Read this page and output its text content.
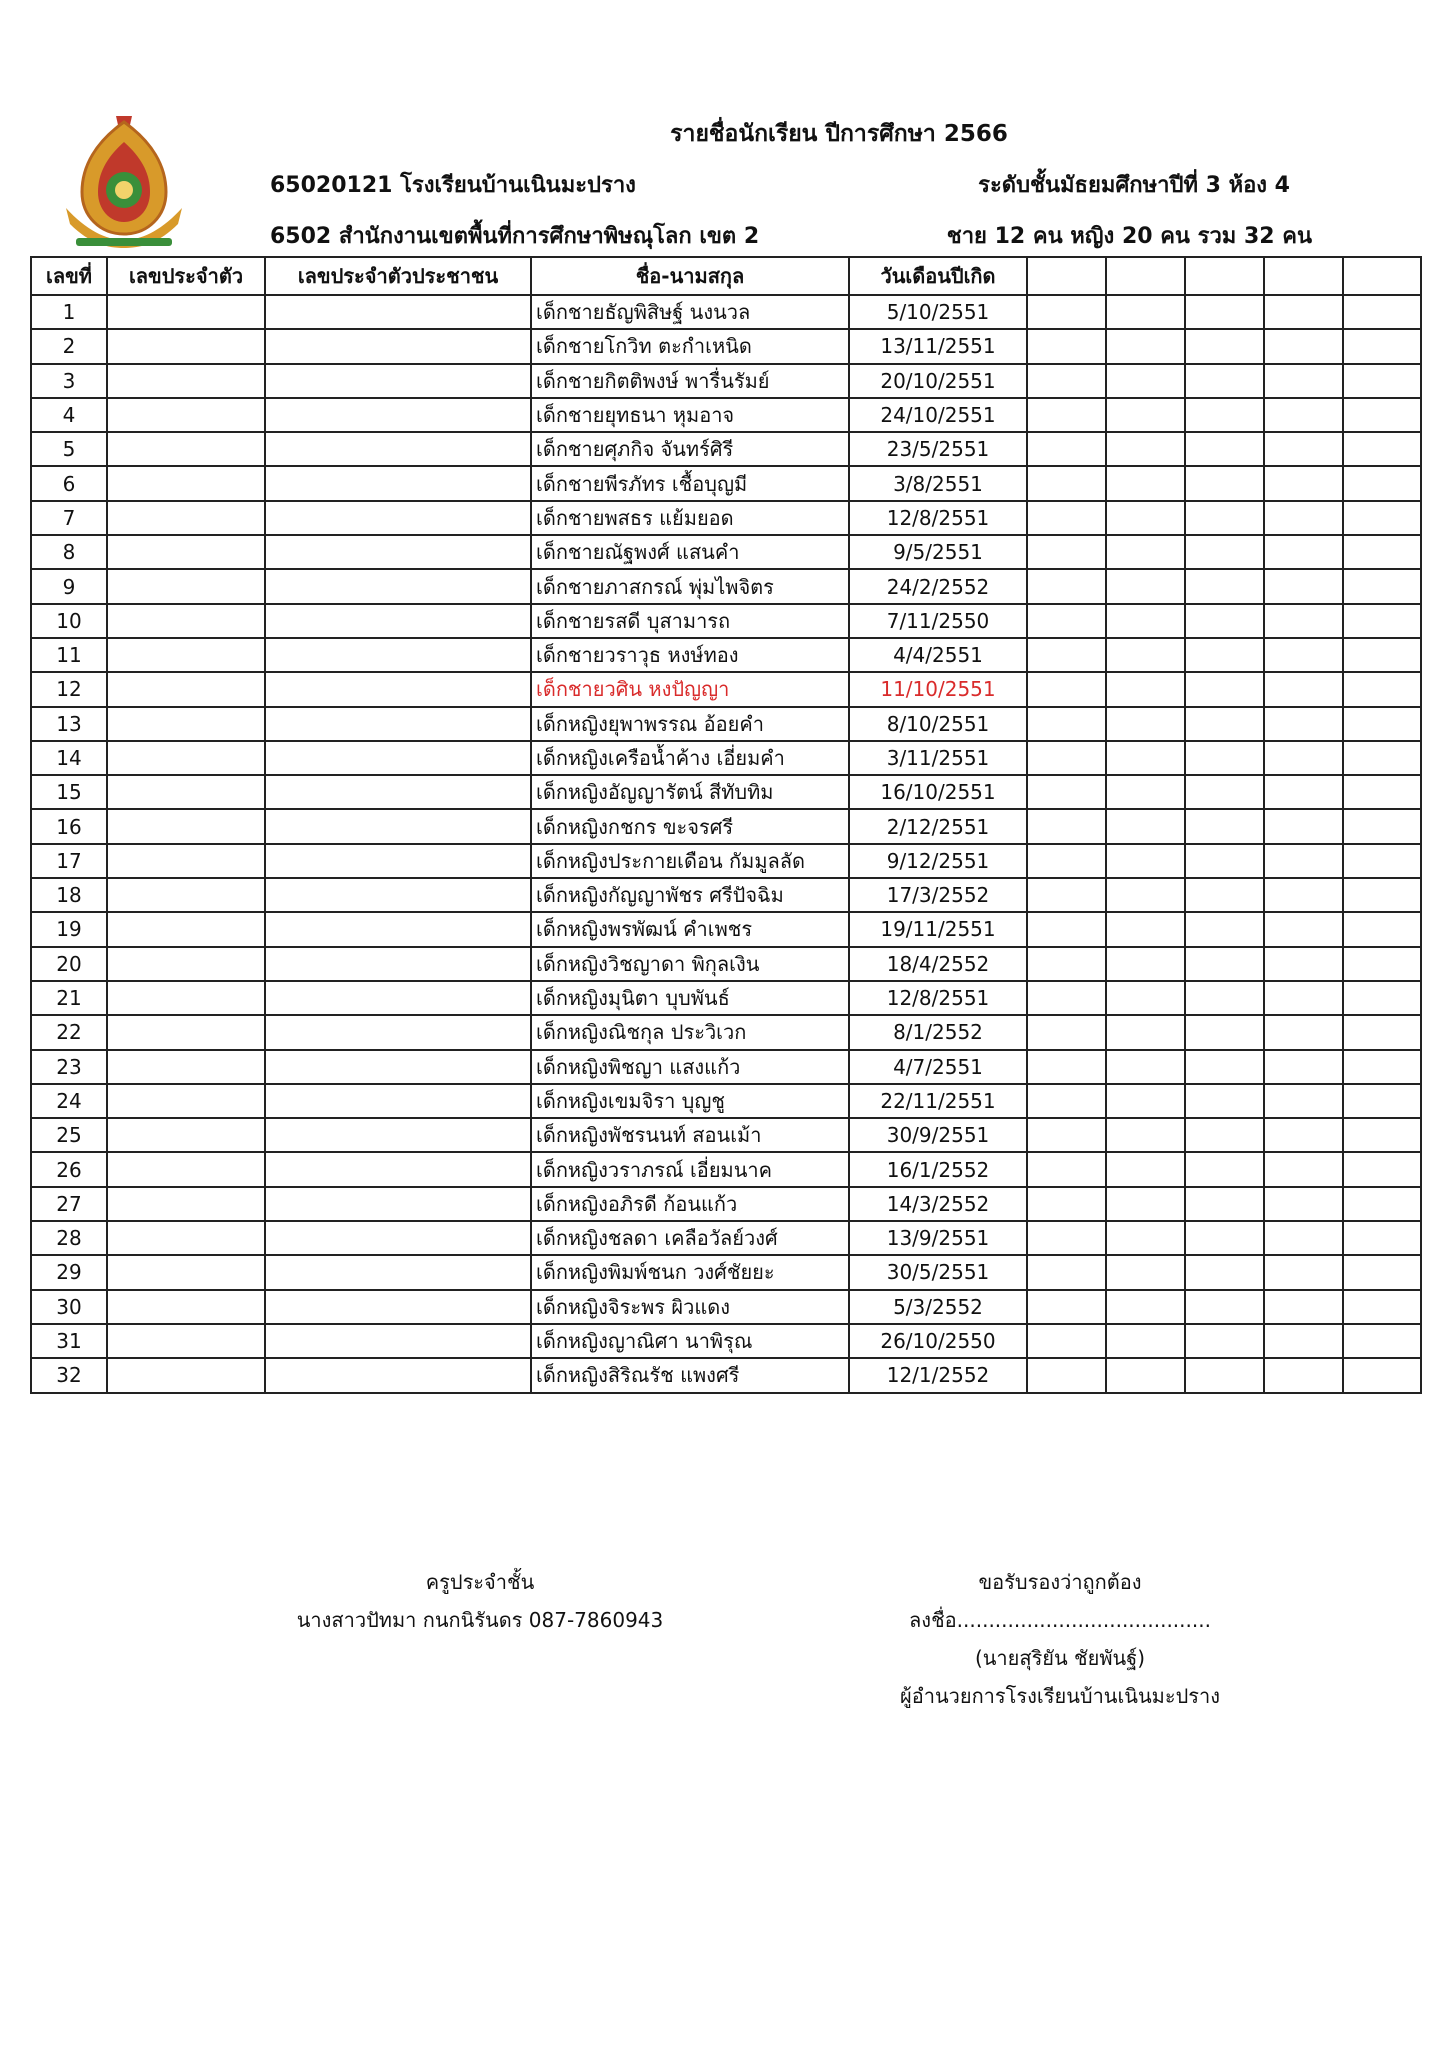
รายชื่อนักเรียน ปีการศึกษา 2566
65020121 โรงเรียนบ้านเนินมะปราง	ระดับชั้นมัธยมศึกษาปีที่ 3 ห้อง 4
6502 สำนักงานเขตพื้นที่การศึกษาพิษณุโลก เขต 2	ชาย 12 คน หญิง 20 คน รวม 32 คน
เลขที่	เลขประจำตัว	เลขประจำตัวประชาชน	ชื่อ-นามสกุล	วันเดือนปีเกิด					
1			เด็กชายธัญพิสิษฐ์ นงนวล	5/10/2551					
2			เด็กชายโกวิท ตะกำเหนิด	13/11/2551					
3			เด็กชายกิตติพงษ์ พารื่นรัมย์	20/10/2551					
4			เด็กชายยุทธนา หุมอาจ	24/10/2551					
5			เด็กชายศุภกิจ จันทร์ศิรี	23/5/2551					
6			เด็กชายพีรภัทร เชื้อบุญมี	3/8/2551					
7			เด็กชายพสธร แย้มยอด	12/8/2551					
8			เด็กชายณัฐพงศ์ แสนคำ	9/5/2551					
9			เด็กชายภาสกรณ์ พุ่มไพจิตร	24/2/2552					
10			เด็กชายรสดี บุสามารถ	7/11/2550					
11			เด็กชายวราวุธ หงษ์ทอง	4/4/2551					
12			เด็กชายวศิน หงปัญญา	11/10/2551					
13			เด็กหญิงยุพาพรรณ อ้อยคำ	8/10/2551					
14			เด็กหญิงเครือน้ำค้าง เอี่ยมคำ	3/11/2551					
15			เด็กหญิงอัญญารัตน์ สีทับทิม	16/10/2551					
16			เด็กหญิงกชกร ขะจรศรี	2/12/2551					
17			เด็กหญิงประกายเดือน กัมมูลลัด	9/12/2551					
18			เด็กหญิงกัญญาพัชร ศรีปัจฉิม	17/3/2552					
19			เด็กหญิงพรพัฒน์ คำเพชร	19/11/2551					
20			เด็กหญิงวิชญาดา พิกุลเงิน	18/4/2552					
21			เด็กหญิงมุนิตา บุบพันธ์	12/8/2551					
22			เด็กหญิงณิชกุล ประวิเวก	8/1/2552					
23			เด็กหญิงพิชญา แสงแก้ว	4/7/2551					
24			เด็กหญิงเขมจิรา บุญชู	22/11/2551					
25			เด็กหญิงพัชรนนท์ สอนเม้า	30/9/2551					
26			เด็กหญิงวราภรณ์ เอี่ยมนาค	16/1/2552					
27			เด็กหญิงอภิรดี ก้อนแก้ว	14/3/2552					
28			เด็กหญิงชลดา เคลือวัลย์วงศ์	13/9/2551					
29			เด็กหญิงพิมพ์ชนก วงศ์ชัยยะ	30/5/2551					
30			เด็กหญิงจิระพร ผิวแดง	5/3/2552					
31			เด็กหญิงญาณิศา นาพิรุณ	26/10/2550					
32			เด็กหญิงสิริณรัช แพงศรี	12/1/2552					
ครูประจำชั้น
นางสาวปัทมา กนกนิรันดร 087-7860943
ขอรับรองว่าถูกต้อง
ลงชื่อ........................................
(นายสุริยัน ชัยพันฐ์)
ผู้อำนวยการโรงเรียนบ้านเนินมะปราง
